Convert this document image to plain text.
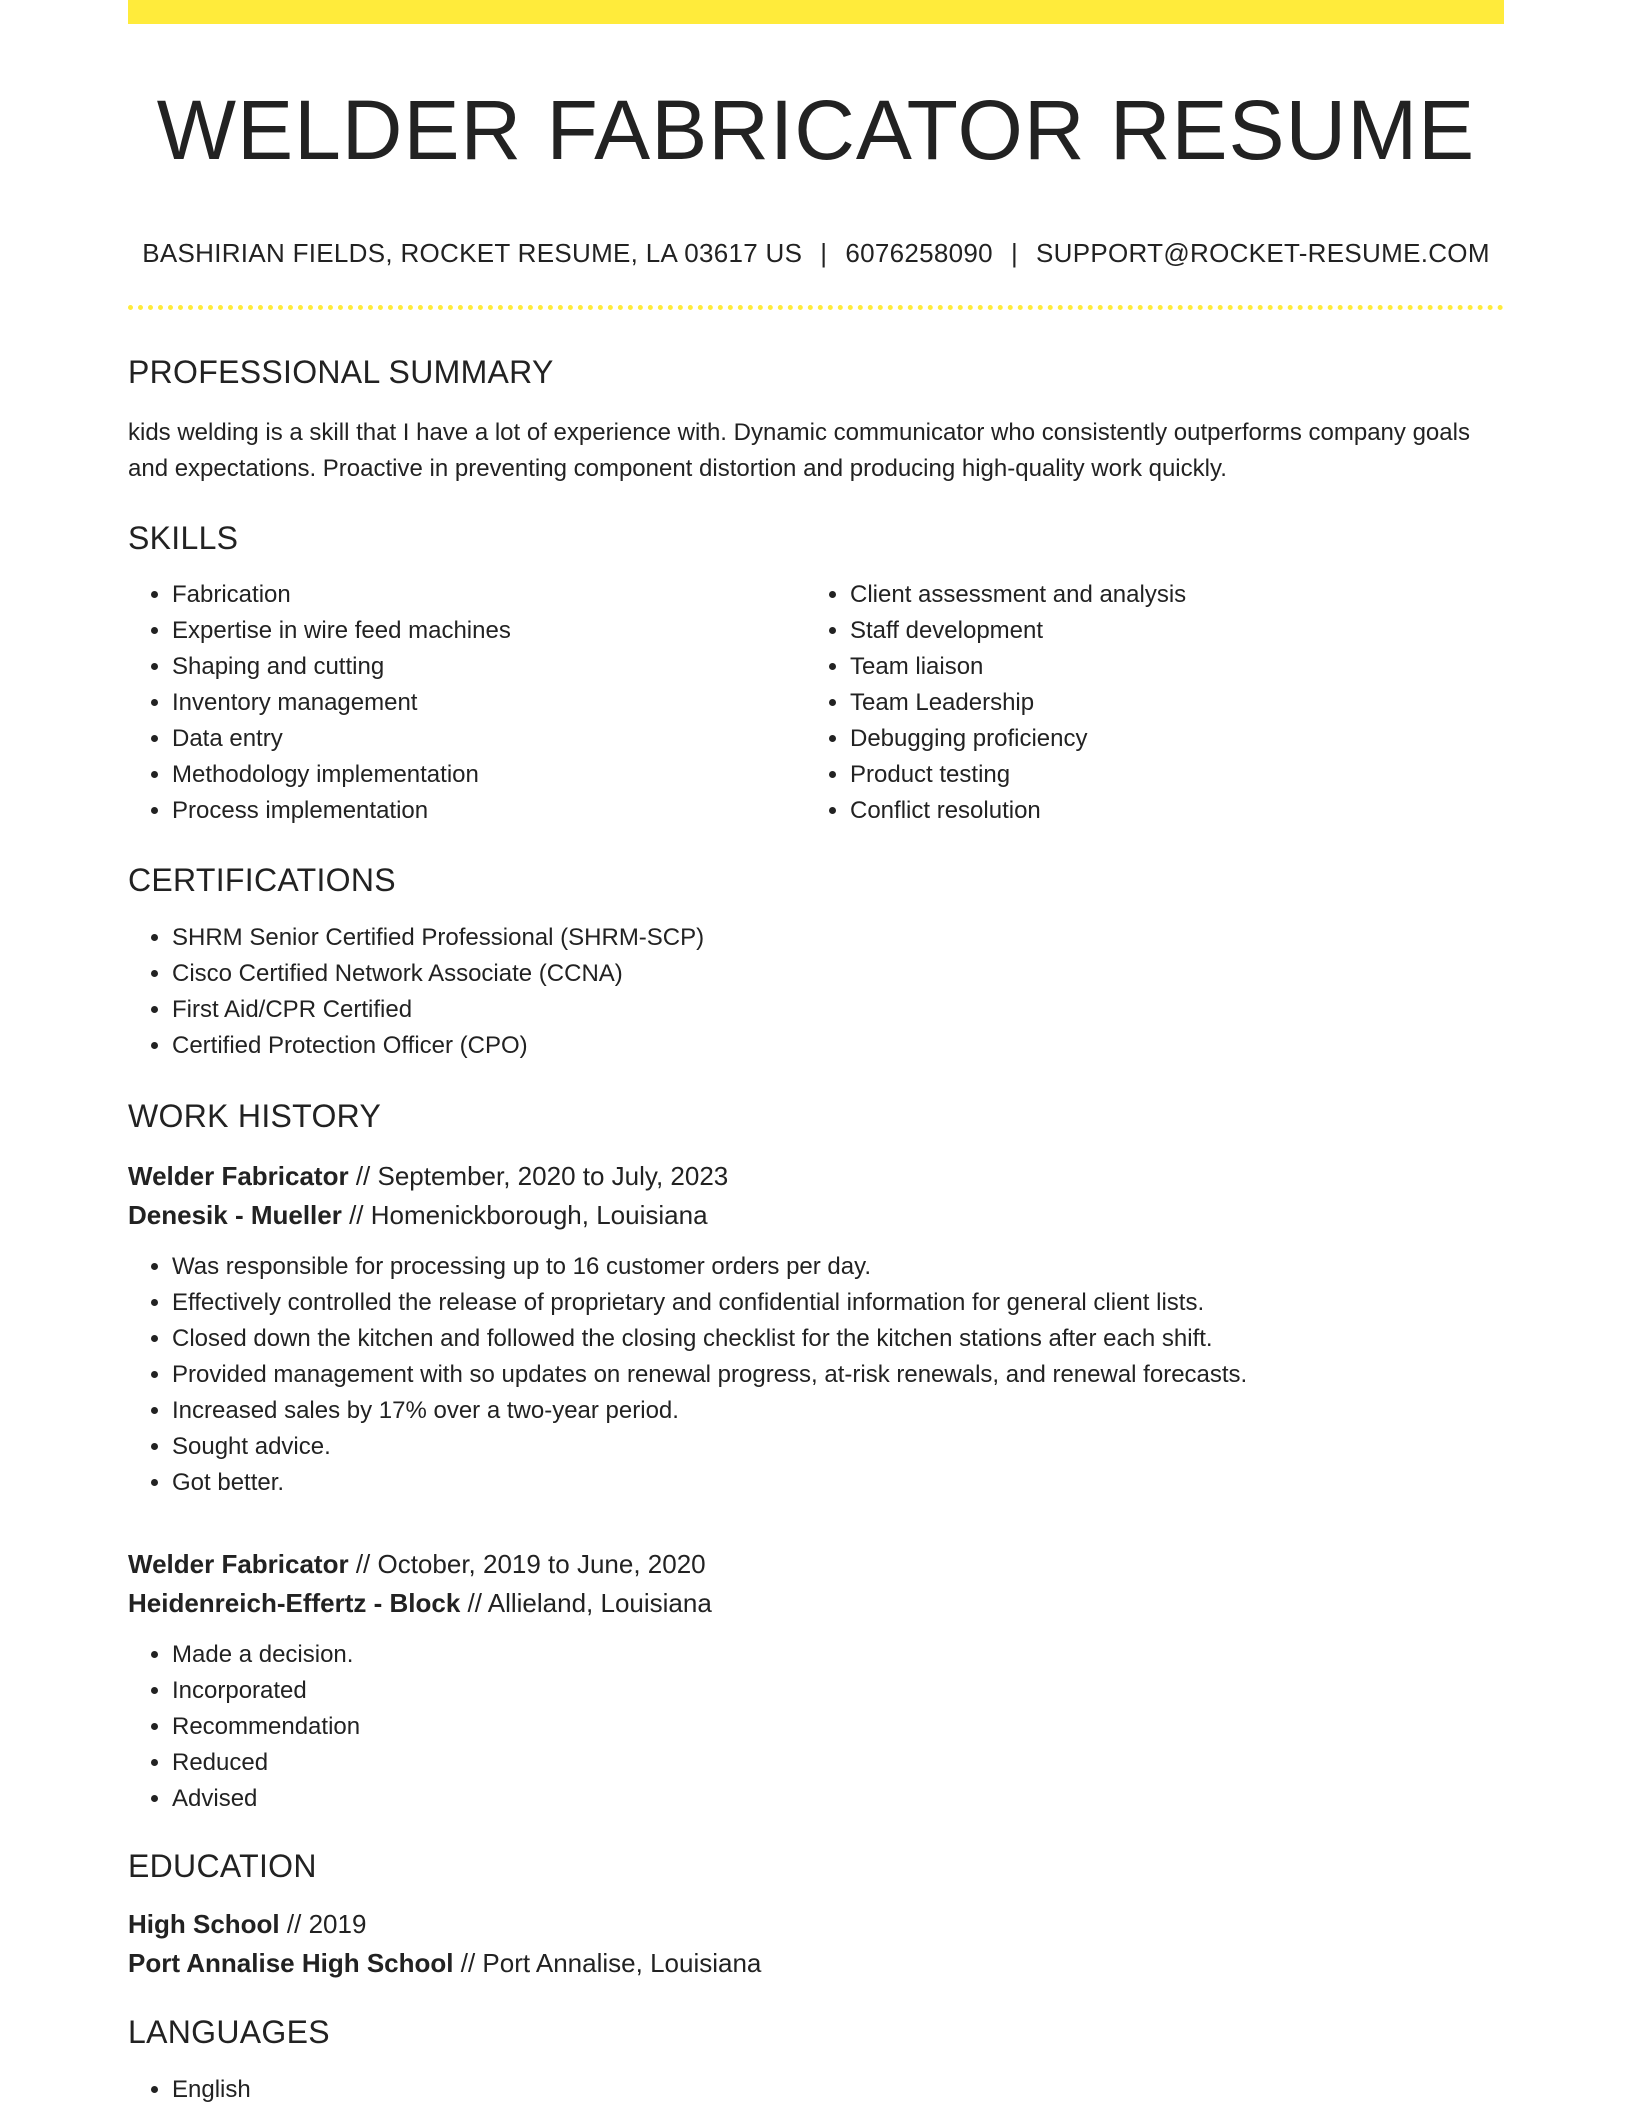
WELDER FABRICATOR RESUME
BASHIRIAN FIELDS, ROCKET RESUME, LA 03617 US | 6076258090 | SUPPORT@ROCKET-RESUME.COM
PROFESSIONAL SUMMARY
kids welding is a skill that I have a lot of experience with. Dynamic communicator who consistently outperforms company goals and expectations. Proactive in preventing component distortion and producing high-quality work quickly.
SKILLS
• Fabrication
• Expertise in wire feed machines
• Shaping and cutting
• Inventory management
• Data entry
• Methodology implementation
• Process implementation
• Client assessment and analysis
• Staff development
• Team liaison
• Team Leadership
• Debugging proficiency
• Product testing
• Conflict resolution
CERTIFICATIONS
• SHRM Senior Certified Professional (SHRM-SCP)
• Cisco Certified Network Associate (CCNA)
• First Aid/CPR Certified
• Certified Protection Officer (CPO)
WORK HISTORY
Welder Fabricator // September, 2020 to July, 2023
Denesik - Mueller // Homenickborough, Louisiana
• Was responsible for processing up to 16 customer orders per day.
• Effectively controlled the release of proprietary and confidential information for general client lists.
• Closed down the kitchen and followed the closing checklist for the kitchen stations after each shift.
• Provided management with so updates on renewal progress, at-risk renewals, and renewal forecasts.
• Increased sales by 17% over a two-year period.
• Sought advice.
• Got better.
Welder Fabricator // October, 2019 to June, 2020
Heidenreich-Effertz - Block // Allieland, Louisiana
• Made a decision.
• Incorporated
• Recommendation
• Reduced
• Advised
EDUCATION
High School // 2019
Port Annalise High School // Port Annalise, Louisiana
LANGUAGES
• English
